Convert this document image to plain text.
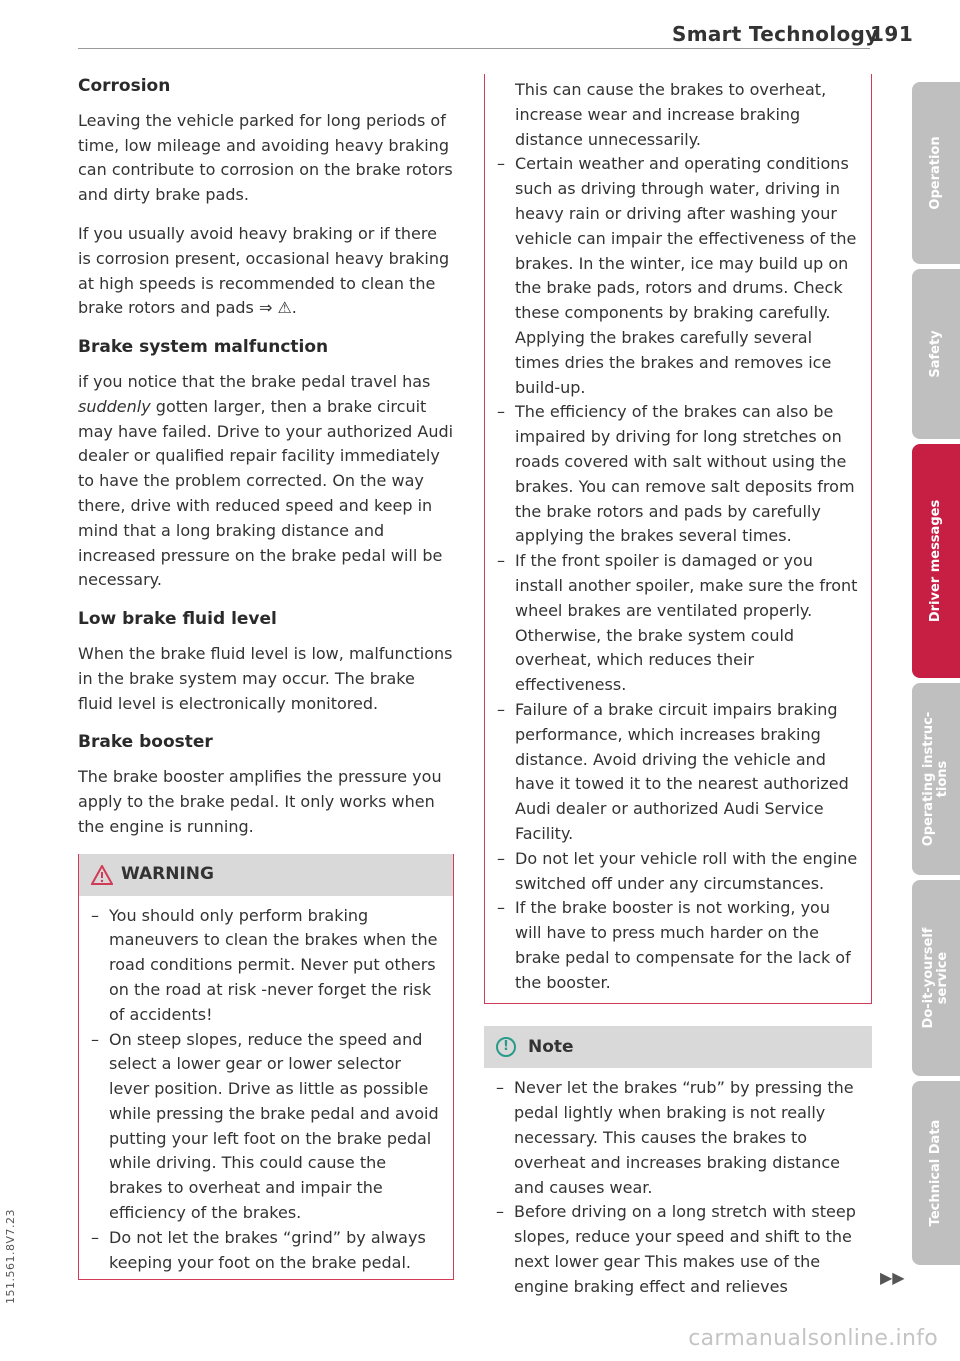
Smart Technology
191
Corrosion
Leaving the vehicle parked for long periods of time, low mileage and avoiding heavy braking can contribute to corrosion on the brake rotors and dirty brake pads.
If you usually avoid heavy braking or if there is corrosion present, occasional heavy braking at high speeds is recommended to clean the brake rotors and pads ⇒ ⚠.
Brake system malfunction
if you notice that the brake pedal travel has suddenly gotten larger, then a brake circuit may have failed. Drive to your authorized Audi dealer or qualified repair facility immediately to have the problem corrected. On the way there, drive with reduced speed and keep in mind that a long braking distance and increased pressure on the brake pedal will be necessary.
Low brake fluid level
When the brake fluid level is low, malfunctions in the brake system may occur. The brake fluid level is electronically monitored.
Brake booster
The brake booster amplifies the pressure you apply to the brake pedal. It only works when the engine is running.
WARNING
– You should only perform braking maneuvers to clean the brakes when the road conditions permit. Never put others on the road at risk -never forget the risk of accidents!
– On steep slopes, reduce the speed and select a lower gear or lower selector lever position. Drive as little as possible while pressing the brake pedal and avoid putting your left foot on the brake pedal while driving. This could cause the brakes to overheat and impair the efficiency of the brakes.
– Do not let the brakes “grind” by always keeping your foot on the brake pedal.
This can cause the brakes to overheat, increase wear and increase braking distance unnecessarily.
– Certain weather and operating conditions such as driving through water, driving in heavy rain or driving after washing your vehicle can impair the effectiveness of the brakes. In the winter, ice may build up on the brake pads, rotors and drums. Check these components by braking carefully. Applying the brakes carefully several times dries the brakes and removes ice build-up.
– The efficiency of the brakes can also be impaired by driving for long stretches on roads covered with salt without using the brakes. You can remove salt deposits from the brake rotors and pads by carefully applying the brakes several times.
– If the front spoiler is damaged or you install another spoiler, make sure the front wheel brakes are ventilated properly. Otherwise, the brake system could overheat, which reduces their effectiveness.
– Failure of a brake circuit impairs braking performance, which increases braking distance. Avoid driving the vehicle and have it towed it to the nearest authorized Audi dealer or authorized Audi Service Facility.
– Do not let your vehicle roll with the engine switched off under any circumstances.
– If the brake booster is not working, you will have to press much harder on the brake pedal to compensate for the lack of the booster.
!	Note
– Never let the brakes “rub” by pressing the pedal lightly when braking is not really necessary. This causes the brakes to overheat and increases braking distance and causes wear.
– Before driving on a long stretch with steep slopes, reduce your speed and shift to the next lower gear This makes use of the engine braking effect and relieves	▶▶
Operation
Safety
Driver messages
Operating instruc-
tions
Do-it-yourself
service
Technical Data
151.561.8V7.23
carmanualsonline.info
